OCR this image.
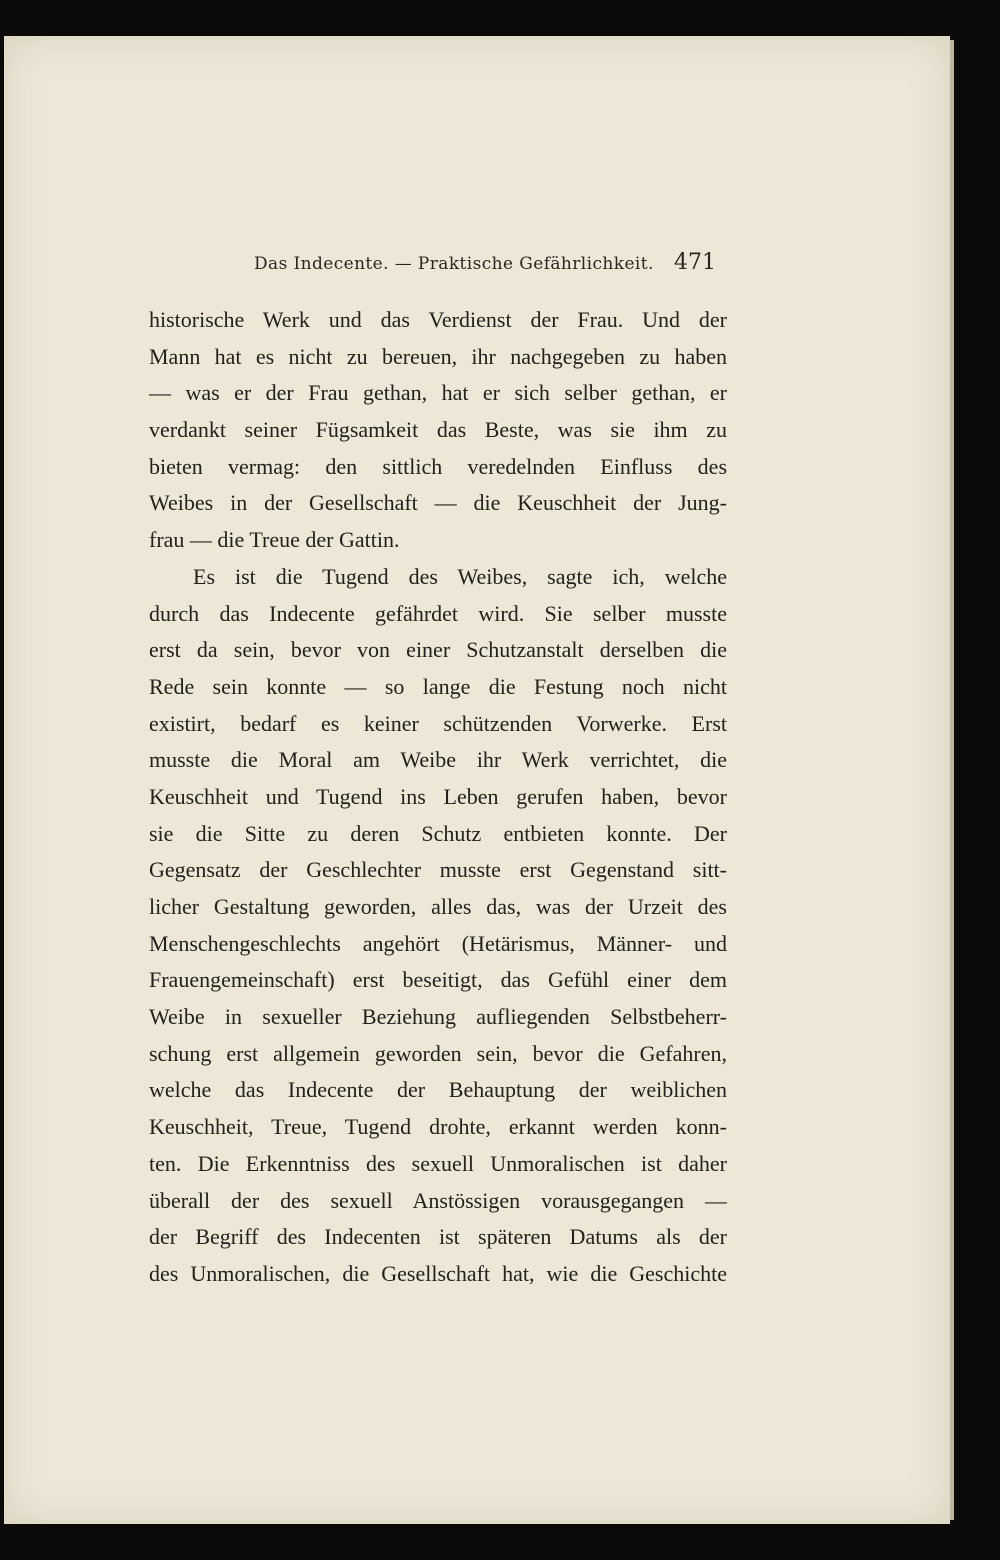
Das Indecente. — Praktische Gefährlichkeit. 471
historische Werk und das Verdienst der Frau. Und der
Mann hat es nicht zu bereuen, ihr nachgegeben zu haben
— was er der Frau gethan, hat er sich selber gethan, er
verdankt seiner Fügsamkeit das Beste, was sie ihm zu
bieten vermag: den sittlich veredelnden Einfluss des
Weibes in der Gesellschaft — die Keuschheit der Jung-
frau — die Treue der Gattin.
Es ist die Tugend des Weibes, sagte ich, welche
durch das Indecente gefährdet wird. Sie selber musste
erst da sein, bevor von einer Schutzanstalt derselben die
Rede sein konnte — so lange die Festung noch nicht
existirt, bedarf es keiner schützenden Vorwerke. Erst
musste die Moral am Weibe ihr Werk verrichtet, die
Keuschheit und Tugend ins Leben gerufen haben, bevor
sie die Sitte zu deren Schutz entbieten konnte. Der
Gegensatz der Geschlechter musste erst Gegenstand sitt-
licher Gestaltung geworden, alles das, was der Urzeit des
Menschengeschlechts angehört (Hetärismus, Männer- und
Frauengemeinschaft) erst beseitigt, das Gefühl einer dem
Weibe in sexueller Beziehung aufliegenden Selbstbeherr-
schung erst allgemein geworden sein, bevor die Gefahren,
welche das Indecente der Behauptung der weiblichen
Keuschheit, Treue, Tugend drohte, erkannt werden konn-
ten. Die Erkenntniss des sexuell Unmoralischen ist daher
überall der des sexuell Anstössigen vorausgegangen —
der Begriff des Indecenten ist späteren Datums als der
des Unmoralischen, die Gesellschaft hat, wie die Geschichte
